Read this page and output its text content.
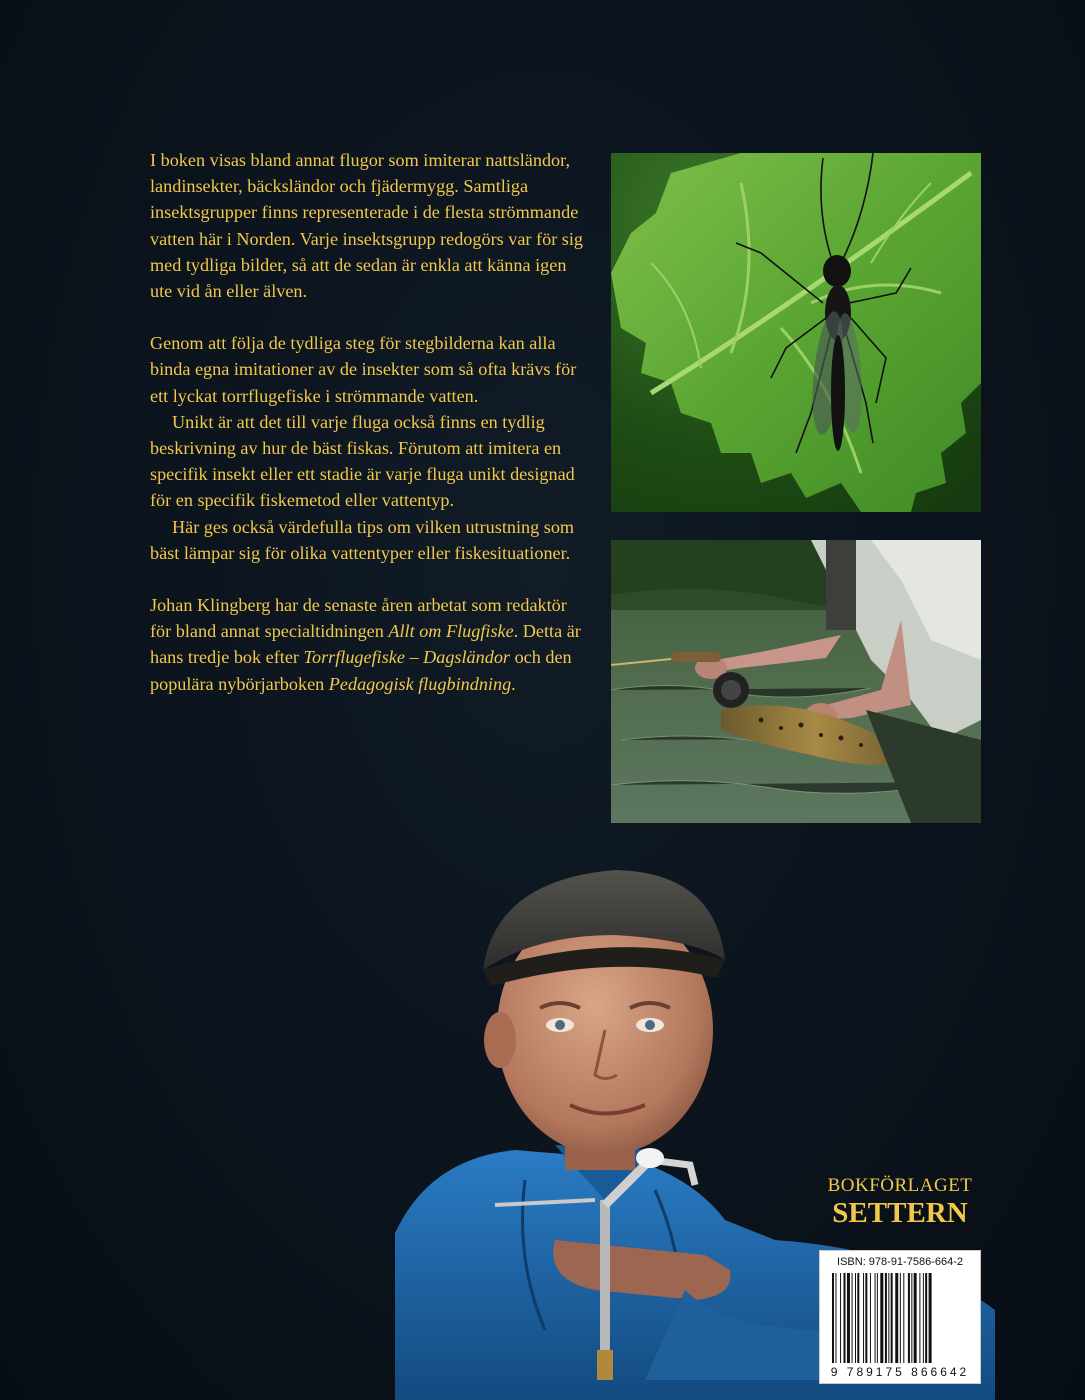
I boken visas bland annat flugor som imiterar nattsländor, landinsekter, bäcksländor och fjädermygg. Samtliga insektsgrupper finns representerade i de flesta strömmande vatten här i Norden. Varje insektsgrupp redogörs var för sig med tydliga bilder, så att de sedan är enkla att känna igen ute vid ån eller älven.

Genom att följa de tydliga steg för stegbilderna kan alla binda egna imitationer av de insekter som så ofta krävs för ett lyckat torrflugefiske i strömmande vatten.

Unikt är att det till varje fluga också finns en tydlig beskrivning av hur de bäst fiskas. Förutom att imitera en specifik insekt eller ett stadie är varje fluga unikt designad för en specifik fiskemetod eller vattentyp.

Här ges också värdefulla tips om vilken utrustning som bäst lämpar sig för olika vattentyper eller fiskesituationer.

Johan Klingberg har de senaste åren arbetat som redaktör för bland annat specialtidningen Allt om Flugfiske. Detta är hans tredje bok efter Torrflugefiske – Dagsländor och den populära nybörjarboken Pedagogisk flugbindning.

BOKFÖRLAGET
SETTERN
ISBN: 978-91-7586-664-2
9 789175 866642
